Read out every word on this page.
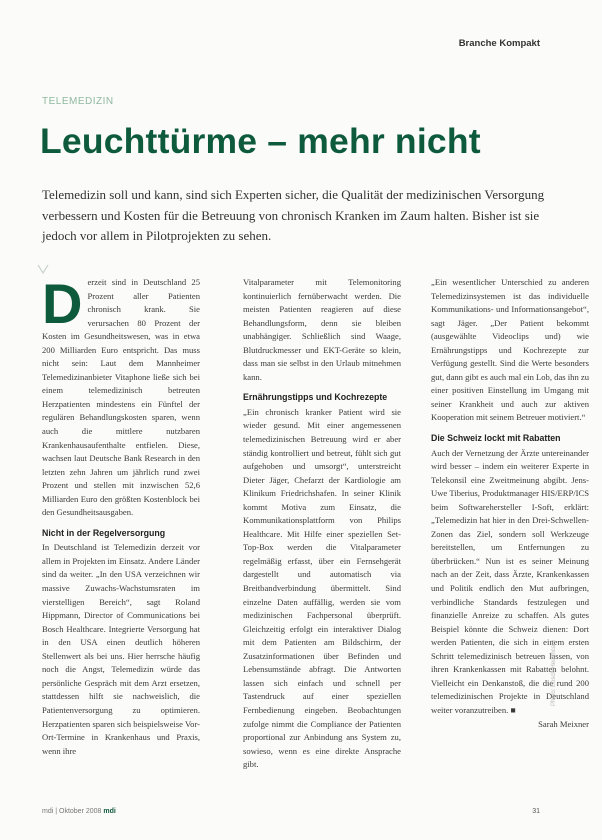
Branche Kompakt
TELEMEDIZIN
Leuchttürme – mehr nicht
Telemedizin soll und kann, sind sich Experten sicher, die Qualität der medizinischen Versorgung verbessern und Kosten für die Betreuung von chronisch Kranken im Zaum halten. Bisher ist sie jedoch vor allem in Pilotprojekten zu sehen.
D erzeit sind in Deutschland 25 Prozent aller Patienten chronisch krank. Sie verursachen 80 Prozent der Kosten im Gesundheitswesen, was in etwa 200 Milliarden Euro entspricht. Das muss nicht sein: Laut dem Mannheimer Telemedizinanbieter Vitaphone ließe sich bei einem telemedizinisch betreuten Herzpatienten mindestens ein Fünftel der regulären Behandlungskosten sparen, wenn auch die mittlere nutzbaren Krankenhausaufenthalte entfielen. Diese, wachsen laut Deutsche Bank Research in den letzten zehn Jahren um jährlich rund zwei Prozent und stellen mit inzwischen 52,6 Milliarden Euro den größten Kostenblock bei den Gesundheitsausgaben.

Nicht in der Regelversorgung

In Deutschland ist Telemedizin derzeit vor allem in Projekten im Einsatz. Andere Länder sind da weiter. „In den USA verzeichnen wir massive Zuwachs-Wachstumsraten im vierstelligen Bereich“, sagt Roland Hippmann, Director of Communications bei Bosch Healthcare. Integrierte Versorgung hat in den USA einen deutlich höheren Stellenwert als bei uns. Hier herrsche häufig noch die Angst, Telemedizin würde das persönliche Gespräch mit dem Arzt ersetzen, stattdessen hilft sie nachweislich, die Patientenversorgung zu optimieren. Herzpatienten sparen sich beispielsweise Vor-Ort-Termine in Krankenhaus und Praxis, wenn ihre

Vitalparameter mit Telemonitoring kontinuierlich fernüberwacht werden. Die meisten Patienten reagieren auf diese Behandlungsform, denn sie bleiben unabhängiger. Schließlich sind Waage, Blutdruckmesser und EKT-Geräte so klein, dass man sie selbst in den Urlaub mitnehmen kann.

Ernährungstipps und Kochrezepte

„Ein chronisch kranker Patient wird sie wieder gesund. Mit einer angemessenen telemedizinischen Betreuung wird er aber ständig kontrolliert und betreut, fühlt sich gut aufgehoben und umsorgt“, unterstreicht Dieter Jäger, Chefarzt der Kardiologie am Klinikum Friedrichshafen. In seiner Klinik kommt Motiva zum Einsatz, die Kommunikationsplattform von Philips Healthcare. Mit Hilfe einer speziellen Set-Top-Box werden die Vitalparameter regelmäßig erfasst, über ein Fernsehgerät dargestellt und automatisch via Breitbandverbindung übermittelt. Sind einzelne Daten auffällig, werden sie vom medizinischen Fachpersonal überprüft. Gleichzeitig erfolgt ein interaktiver Dialog mit dem Patienten am Bildschirm, der Zusatzinformationen über Befinden und Lebensumstände abfragt. Die Antworten lassen sich einfach und schnell per Tastendruck auf einer speziellen Fernbedienung eingeben. Beobachtungen zufolge nimmt die Compliance der Patienten proportional zur Anbindung ans System zu, sowieso, wenn es eine direkte Ansprache gibt.

„Ein wesentlicher Unterschied zu anderen Telemedizinsystemen ist das individuelle Kommunikations- und Informationsangebot“, sagt Jäger. „Der Patient bekommt (ausgewählte Videoclips und) wie Ernährungstipps und Kochrezepte zur Verfügung gestellt. Sind die Werte besonders gut, dann gibt es auch mal ein Lob, das ihn zu einer positiven Einstellung im Umgang mit seiner Krankheit und auch zur aktiven Kooperation mit seinem Betreuer motiviert.“

Die Schweiz lockt mit Rabatten

Auch der Vernetzung der Ärzte untereinander wird besser – indem ein weiterer Experte in Telekonsil eine Zweitmeinung abgibt. Jens-Uwe Tiberius, Produktmanager HIS/ERP/ICS beim Softwarehersteller I-Soft, erklärt: „Telemedizin hat hier in den Drei-Schwellen-Zonen das Ziel, sondern soll Werkzeuge bereitstellen, um Entfernungen zu überbrücken.“ Nun ist es seiner Meinung nach an der Zeit, dass Ärzte, Krankenkassen und Politik endlich den Mut aufbringen, verbindliche Standards festzulegen und finanzielle Anreize zu schaffen. Als gutes Beispiel könnte die Schweiz dienen: Dort werden Patienten, die sich in einem ersten Schritt telemedizinisch betreuen lassen, von ihren Krankenkassen mit Rabatten belohnt. Vielleicht ein Denkanstoß, die die rund 200 telemedizinischen Projekte in Deutschland weiter voranzutreiben. ■

Sarah Meixner

Photo: Bosch Healthcare
mdi | Oktober 2008 mdi	31
